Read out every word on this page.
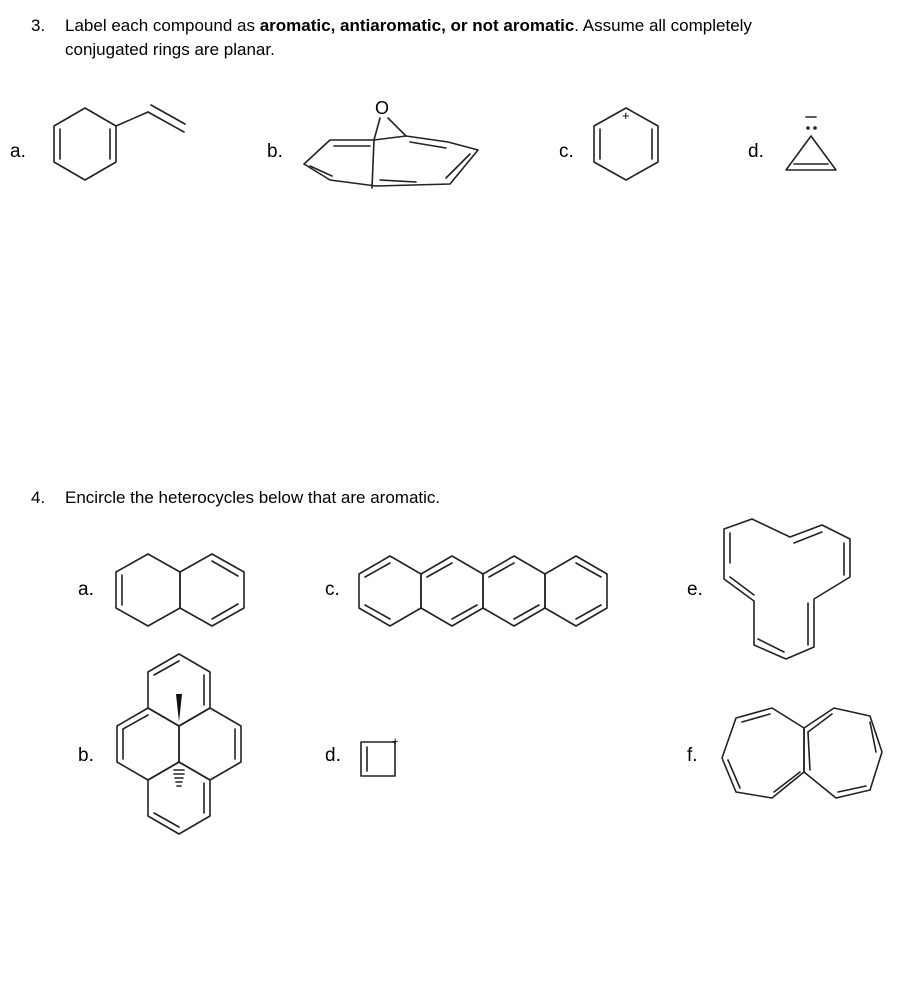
3. Label each compound as aromatic, antiaromatic, or not aromatic. Assume all completely
conjugated rings are planar.
a.	b.	c.	d.
O	+
4. Encircle the heterocycles below that are aromatic.
a.
b.
c.
d.
e.
f.
+
